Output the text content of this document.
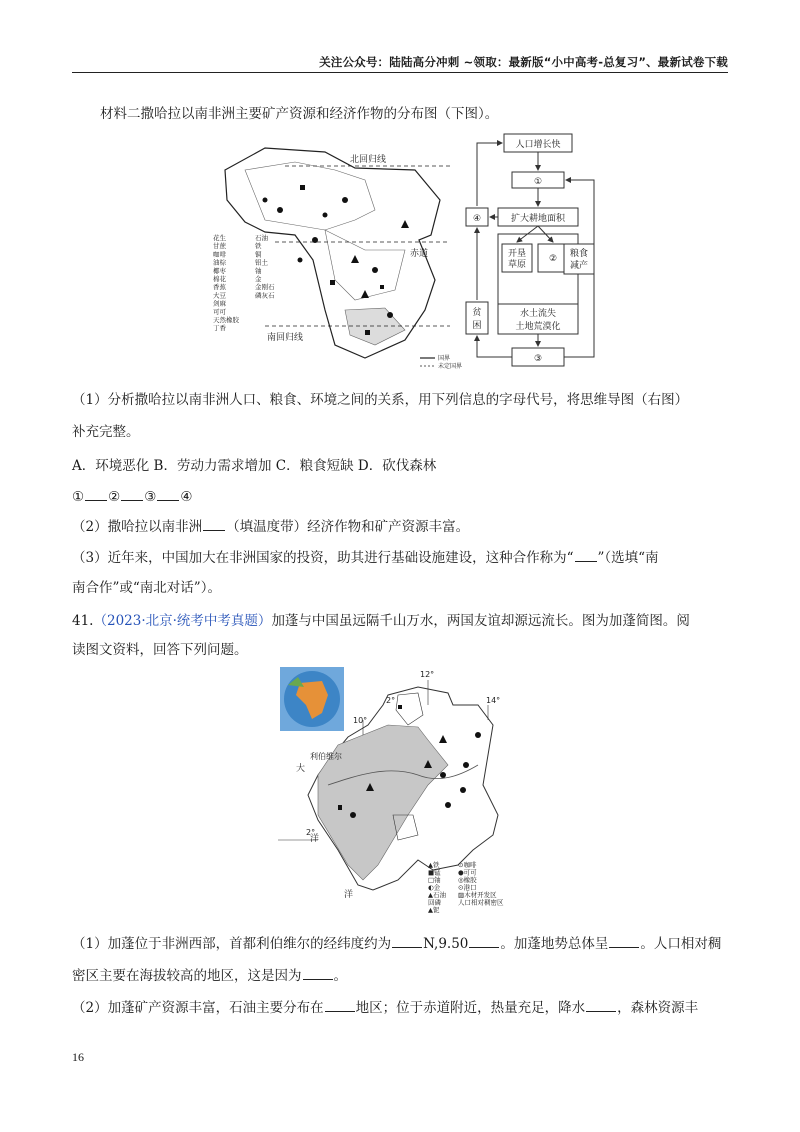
关注公众号：陆陆高分冲刺 ~领取：最新版“小中高考-总复习”、最新试卷下载
材料二撒哈拉以南非洲主要矿产资源和经济作物的分布图（下图）。
北回归线
赤道
南回归线
花生
甘蔗
咖啡
油棕
椰枣
棉花
香蕉
大豆
剑麻
可可
天然橡胶
丁香
石油
铁
铜
铝土
铀
金
金刚石
磷灰石
国界
未定国界
人口增长快
①
扩大耕地面积
④
开垦
草原
② 粮食
减产
贫
困
水土流失
土地荒漠化
③
（1）分析撒哈拉以南非洲人口、粮食、环境之间的关系，用下列信息的字母代号，将思维导图（右图）
补充完整。
A．环境恶化 B．劳动力需求增加 C．粮食短缺 D．砍伐森林
① ② ③ ④
（2）撒哈拉以南非洲 （填温度带）经济作物和矿产资源丰富。
（3）近年来，中国加大在非洲国家的投资，助其进行基础设施建设，这种合作称为“ ”（选填“南
南合作”或“南北对话”）。
41.（2023·北京·统考中考真题）加蓬与中国虽远隔千山万水，两国友谊却源远流长。图为加蓬简图。阅
读图文资料，回答下列问题。
大
洋
洋
12°
10°
14°
2°
2°
利伯维尔
▲铁
■锰
□铀
◐金
▲石油
回磷
▲铌
⊙咖啡
●可可
◎橡胶
⊙港口
▨木材开发区
人口相对稠密区
（1）加蓬位于非洲西部，首都利伯维尔的经纬度约为 N,9.50 。加蓬地势总体呈 。人口相对稠
密区主要在海拔较高的地区，这是因为 。
（2）加蓬矿产资源丰富，石油主要分布在 地区；位于赤道附近，热量充足，降水 ，森林资源丰
16
